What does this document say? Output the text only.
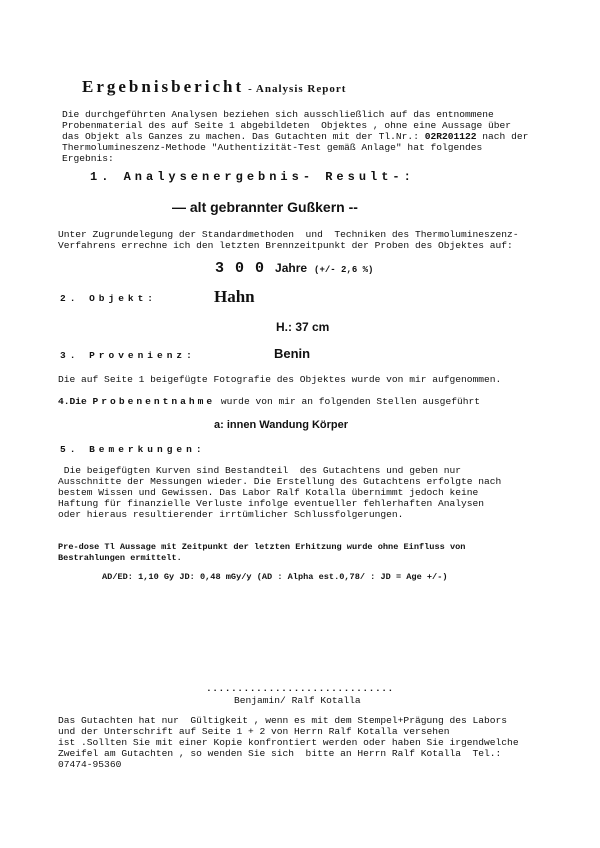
Ergebnisbericht - Analysis Report
Die durchgeführten Analysen beziehen sich ausschließlich auf das entnommene
Probenmaterial des auf Seite 1 abgebildeten  Objektes , ohne eine Aussage über
das Objekt als Ganzes zu machen. Das Gutachten mit der Tl.Nr.: 02R201122 nach der
Thermolumineszenz-Methode "Authentizität-Test gemäß Anlage" hat folgendes
Ergebnis:
1. Analysenergebnis- Result-:
— alt gebrannter Gußkern --
Unter Zugrundelegung der Standardmethoden  und  Techniken des Thermolumineszenz-
Verfahrens errechne ich den letzten Brennzeitpunkt der Proben des Objektes auf:
3 0 0 Jahre (+/- 2,6 %)
2. Objekt:	Hahn
H.: 37 cm
3. Provenienz:	Benin
Die auf Seite 1 beigefügte Fotografie des Objektes wurde von mir aufgenommen.
4.Die Probenentnahme wurde von mir an folgenden Stellen ausgeführt
a: innen Wandung Körper
5. Bemerkungen:
Die beigefügten Kurven sind Bestandteil  des Gutachtens und geben nur
Ausschnitte der Messungen wieder. Die Erstellung des Gutachtens erfolgte nach
bestem Wissen und Gewissen. Das Labor Ralf Kotalla übernimmt jedoch keine
Haftung für finanzielle Verluste infolge eventueller fehlerhaften Analysen
oder hieraus resultierender irrtümlicher Schlussfolgerungen.
Pre-dose Tl Aussage mit Zeitpunkt der letzten Erhitzung wurde ohne Einfluss von
Bestrahlungen ermittelt.
AD/ED: 1,10 Gy JD: 0,48 mGy/y (AD : Alpha est.0,78/ : JD = Age +/-)
..............................
Benjamin/ Ralf Kotalla
Das Gutachten hat nur  Gültigkeit , wenn es mit dem Stempel+Prägung des Labors
und der Unterschrift auf Seite 1 + 2 von Herrn Ralf Kotalla versehen
ist .Sollten Sie mit einer Kopie konfrontiert werden oder haben Sie irgendwelche
Zweifel am Gutachten , so wenden Sie sich  bitte an Herrn Ralf Kotalla  Tel.:
07474-95360
